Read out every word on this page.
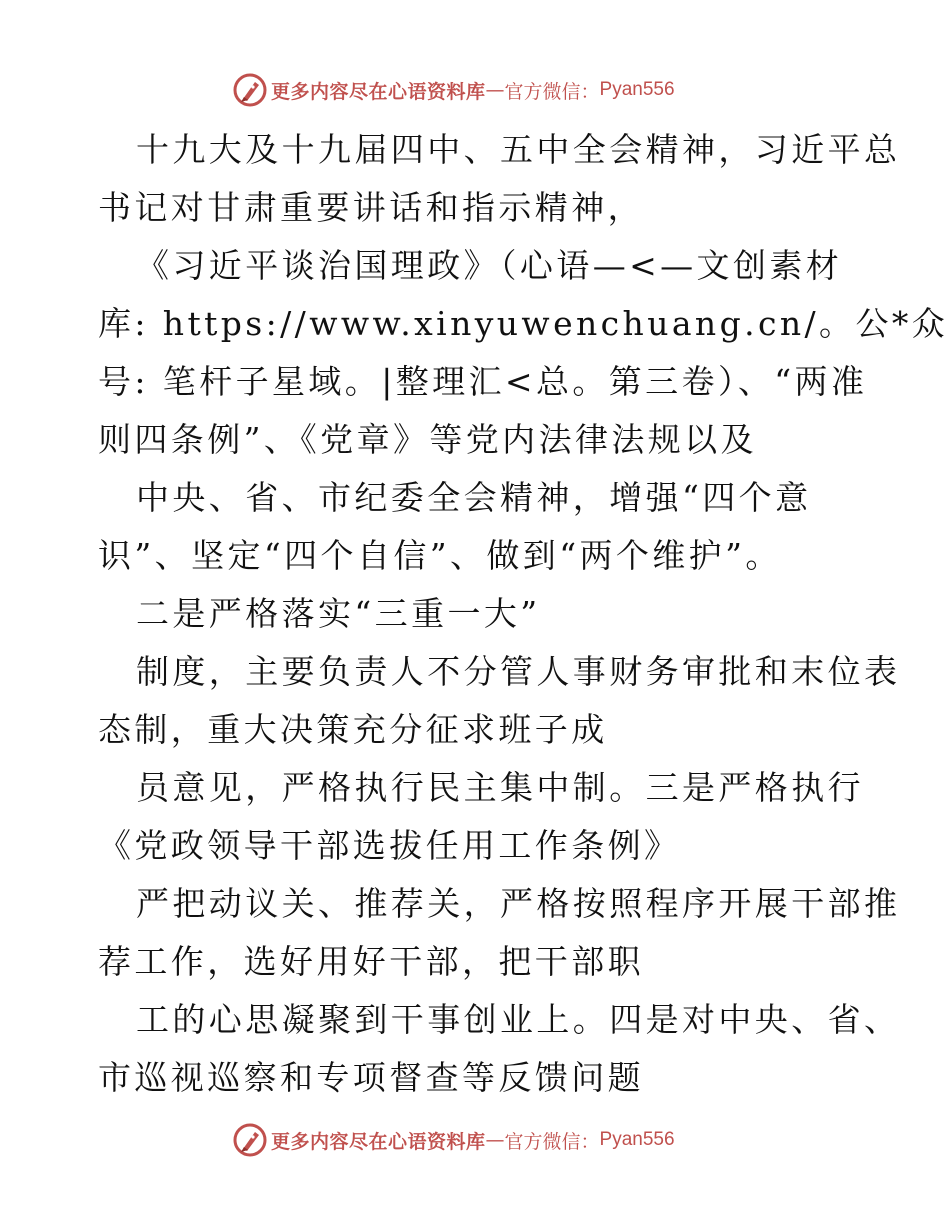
更多内容尽在心语资料库 — 官方微信： Pyan556
十九大及十九届四中、五中全会精神，习近平总
书记对甘肃重要讲话和指示精神，
《习近平谈治国理政》（心语—<—文创素材
库: https://www.xinyuwenchuang.cn/。公*众
号: 笔杆子星域。|整理汇<总。第三卷）、“两准
则四条例”、《党章》等党内法律法规以及
中央、省、市纪委全会精神，增强“四个意
识”、坚定“四个自信”、做到“两个维护”。
二是严格落实“三重一大”
制度，主要负责人不分管人事财务审批和末位表
态制，重大决策充分征求班子成
员意见，严格执行民主集中制。三是严格执行
《党政领导干部选拔任用工作条例》
严把动议关、推荐关，严格按照程序开展干部推
荐工作，选好用好干部，把干部职
工的心思凝聚到干事创业上。四是对中央、省、
市巡视巡察和专项督查等反馈问题
更多内容尽在心语资料库 — 官方微信： Pyan556
